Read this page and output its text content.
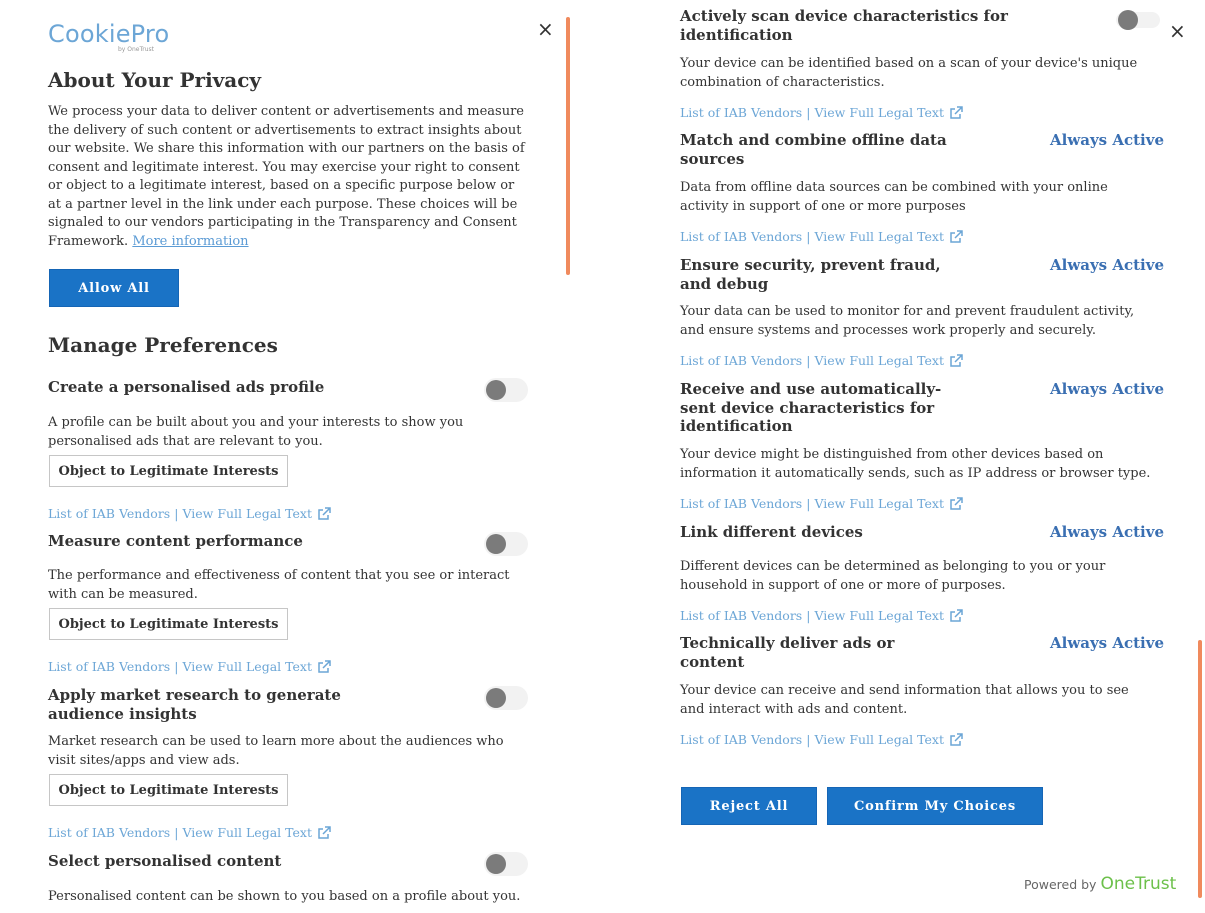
CookiePro
by OneTrust
×
About Your Privacy

We process your data to deliver content or advertisements and measure the delivery of such content or advertisements to extract insights about our website. We share this information with our partners on the basis of consent and legitimate interest. You may exercise your right to consent or object to a legitimate interest, based on a specific purpose below or at a partner level in the link under each purpose. These choices will be signaled to our vendors participating in the Transparency and Consent Framework. More information

Allow All
Manage Preferences
Create a personalised ads profile
A profile can be built about you and your interests to show you personalised ads that are relevant to you.
Object to Legitimate Interests
List of IAB Vendors | View Full Legal Text
Measure content performance
The performance and effectiveness of content that you see or interact with can be measured.
Object to Legitimate Interests
List of IAB Vendors | View Full Legal Text
Apply market research to generate audience insights
Market research can be used to learn more about the audiences who visit sites/apps and view ads.
Object to Legitimate Interests
List of IAB Vendors | View Full Legal Text
Select personalised content
Personalised content can be shown to you based on a profile about you.
Actively scan device characteristics for
identification	×
Your device can be identified based on a scan of your device's unique combination of characteristics.
List of IAB Vendors | View Full Legal Text
Match and combine offline data sources
Always Active
Data from offline data sources can be combined with your online activity in support of one or more purposes
List of IAB Vendors | View Full Legal Text
Ensure security, prevent fraud, and debug
Always Active
Your data can be used to monitor for and prevent fraudulent activity, and ensure systems and processes work properly and securely.
List of IAB Vendors | View Full Legal Text
Receive and use automatically-sent device characteristics for identification
Always Active
Your device might be distinguished from other devices based on information it automatically sends, such as IP address or browser type.
List of IAB Vendors | View Full Legal Text
Link different devices	Always Active
Different devices can be determined as belonging to you or your household in support of one or more of purposes.
List of IAB Vendors | View Full Legal Text
Technically deliver ads or content
Always Active
Your device can receive and send information that allows you to see and interact with ads and content.
List of IAB Vendors | View Full Legal Text
Reject All	Confirm My Choices
Powered by OneTrust
